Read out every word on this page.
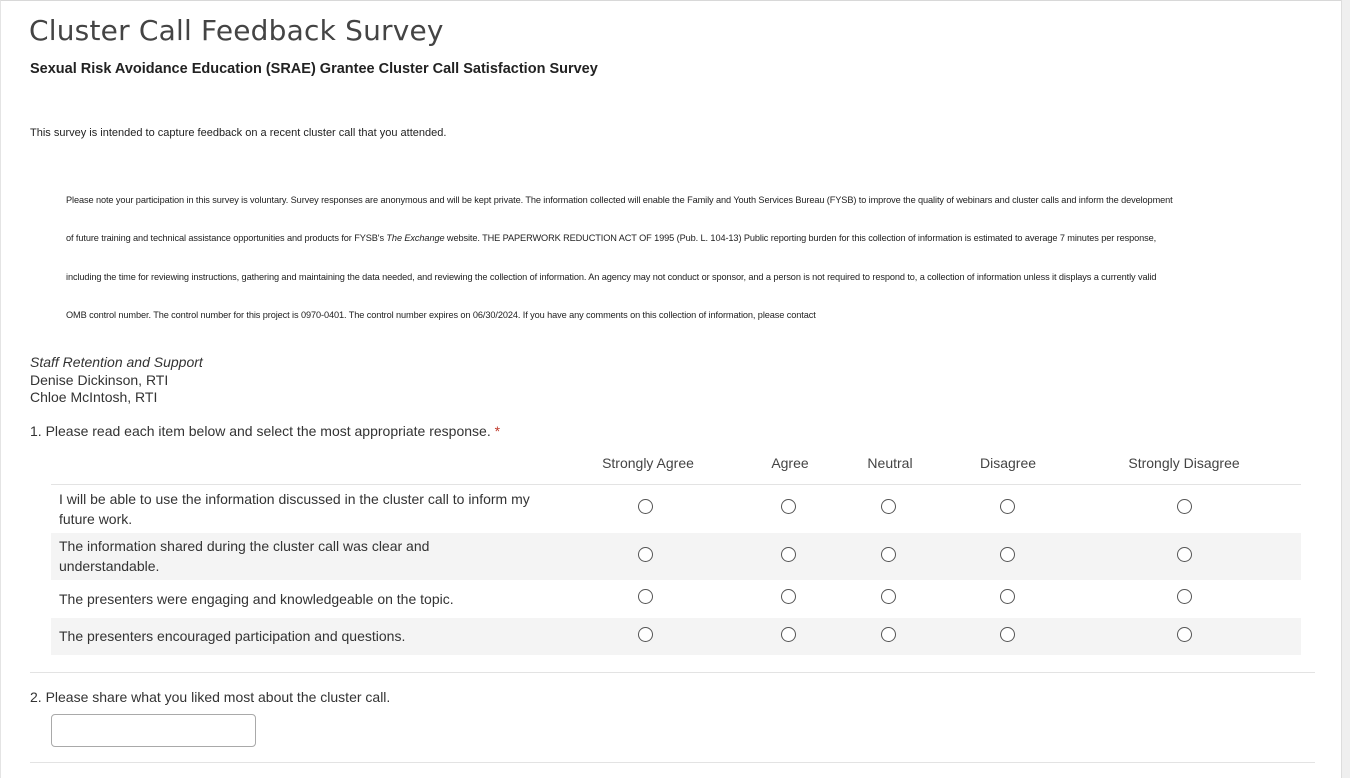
Cluster Call Feedback Survey
Sexual Risk Avoidance Education (SRAE) Grantee Cluster Call Satisfaction Survey
This survey is intended to capture feedback on a recent cluster call that you attended.
Please note your participation in this survey is voluntary. Survey responses are anonymous and will be kept private. The information collected will enable the Family and Youth Services Bureau (FYSB) to improve the quality of webinars and cluster calls and inform the development
of future training and technical assistance opportunities and products for FYSB's The Exchange website. THE PAPERWORK REDUCTION ACT OF 1995 (Pub. L. 104-13) Public reporting burden for this collection of information is estimated to average 7 minutes per response,
including the time for reviewing instructions, gathering and maintaining the data needed, and reviewing the collection of information. An agency may not conduct or sponsor, and a person is not required to respond to, a collection of information unless it displays a currently valid
OMB control number. The control number for this project is 0970-0401. The control number expires on 06/30/2024. If you have any comments on this collection of information, please contact
Staff Retention and Support
Denise Dickinson, RTI
Chloe McIntosh, RTI
1. Please read each item below and select the most appropriate response. *
Strongly Agree	Agree	Neutral	Disagree	Strongly Disagree
I will be able to use the information discussed in the cluster call to inform my future work.
The information shared during the cluster call was clear and understandable.
The presenters were engaging and knowledgeable on the topic.
The presenters encouraged participation and questions.
2. Please share what you liked most about the cluster call.
